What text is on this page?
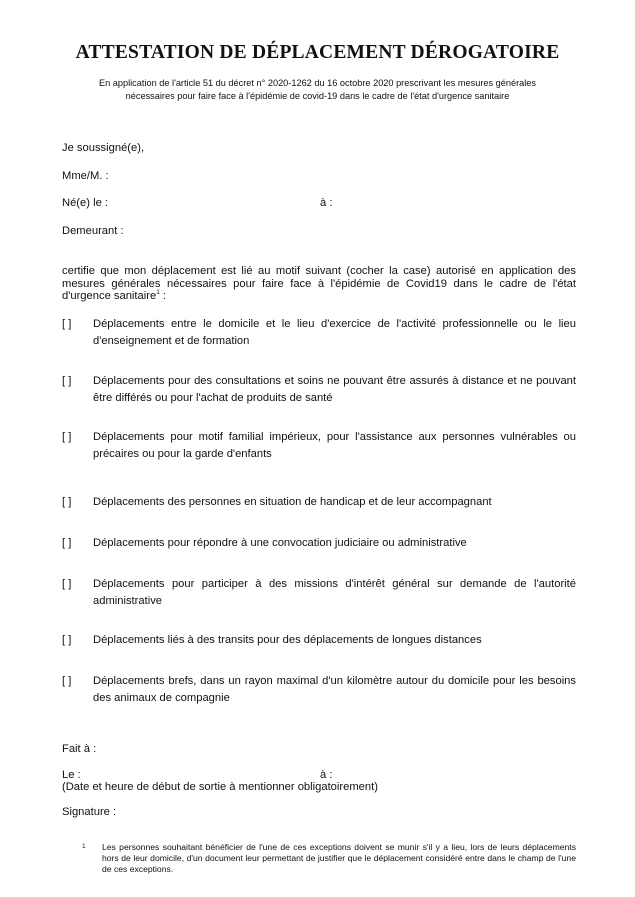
ATTESTATION DE DÉPLACEMENT DÉROGATOIRE
En application de l'article 51 du décret n° 2020-1262 du 16 octobre 2020 prescrivant les mesures générales
nécessaires pour faire face à l'épidémie de covid-19 dans le cadre de l'état d'urgence sanitaire
Je soussigné(e),
Mme/M. :
Né(e) le :	à :
Demeurant :
certifie que mon déplacement est lié au motif suivant (cocher la case) autorisé en application des mesures générales nécessaires pour faire face à l'épidémie de Covid19 dans le cadre de l'état d'urgence sanitaire$^1$ :
[ ] Déplacements entre le domicile et le lieu d'exercice de l'activité professionnelle ou le lieu d'enseignement et de formation
[ ] Déplacements pour des consultations et soins ne pouvant être assurés à distance et ne pouvant être différés ou pour l'achat de produits de santé
[ ] Déplacements pour motif familial impérieux, pour l'assistance aux personnes vulnérables ou précaires ou pour la garde d'enfants
[ ] Déplacements des personnes en situation de handicap et de leur accompagnant
[ ] Déplacements pour répondre à une convocation judiciaire ou administrative
[ ] Déplacements pour participer à des missions d'intérêt général sur demande de l'autorité administrative
[ ] Déplacements liés à des transits pour des déplacements de longues distances
[ ] Déplacements brefs, dans un rayon maximal d'un kilomètre autour du domicile pour les besoins des animaux de compagnie
Fait à :
Le :	à :
(Date et heure de début de sortie à mentionner obligatoirement)
Signature :
1 Les personnes souhaitant bénéficier de l'une de ces exceptions doivent se munir s'il y a lieu, lors de leurs déplacements hors de leur domicile, d'un document leur permettant de justifier que le déplacement considéré entre dans le champ de l'une de ces exceptions.
